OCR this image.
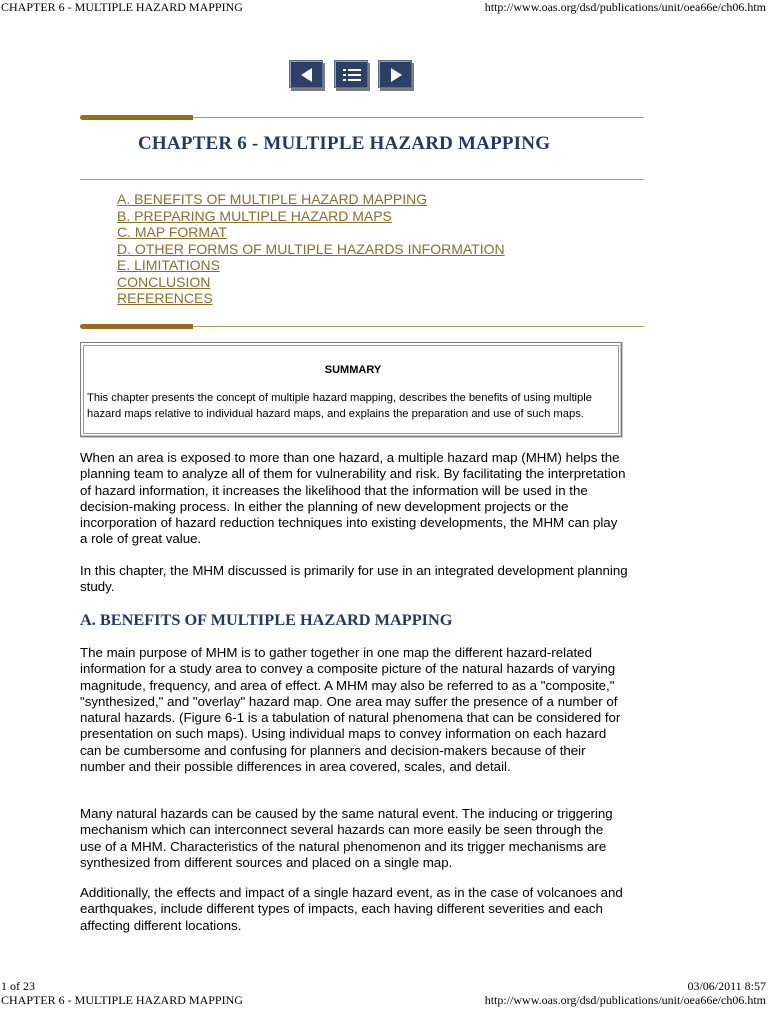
CHAPTER 6 - MULTIPLE HAZARD MAPPING	http://www.oas.org/dsd/publications/unit/oea66e/ch06.htm
CHAPTER 6 - MULTIPLE HAZARD MAPPING
A. BENEFITS OF MULTIPLE HAZARD MAPPING
B. PREPARING MULTIPLE HAZARD MAPS
C. MAP FORMAT
D. OTHER FORMS OF MULTIPLE HAZARDS INFORMATION
E. LIMITATIONS
CONCLUSION
REFERENCES
SUMMARY
This chapter presents the concept of multiple hazard mapping, describes the benefits of using multiple hazard maps relative to individual hazard maps, and explains the preparation and use of such maps.

When an area is exposed to more than one hazard, a multiple hazard map (MHM) helps the planning team to analyze all of them for vulnerability and risk. By facilitating the interpretation of hazard information, it increases the likelihood that the information will be used in the decision-making process. In either the planning of new development projects or the incorporation of hazard reduction techniques into existing developments, the MHM can play a role of great value.

In this chapter, the MHM discussed is primarily for use in an integrated development planning study.

A. BENEFITS OF MULTIPLE HAZARD MAPPING

The main purpose of MHM is to gather together in one map the different hazard-related information for a study area to convey a composite picture of the natural hazards of varying magnitude, frequency, and area of effect. A MHM may also be referred to as a "composite," "synthesized," and "overlay" hazard map. One area may suffer the presence of a number of natural hazards. (Figure 6-1 is a tabulation of natural phenomena that can be considered for presentation on such maps). Using individual maps to convey information on each hazard can be cumbersome and confusing for planners and decision-makers because of their number and their possible differences in area covered, scales, and detail.

Many natural hazards can be caused by the same natural event. The inducing or triggering mechanism which can interconnect several hazards can more easily be seen through the use of a MHM. Characteristics of the natural phenomenon and its trigger mechanisms are synthesized from different sources and placed on a single map.

Additionally, the effects and impact of a single hazard event, as in the case of volcanoes and earthquakes, include different types of impacts, each having different severities and each affecting different locations.

1 of 23	03/06/2011 8:57
CHAPTER 6 - MULTIPLE HAZARD MAPPING	http://www.oas.org/dsd/publications/unit/oea66e/ch06.htm
